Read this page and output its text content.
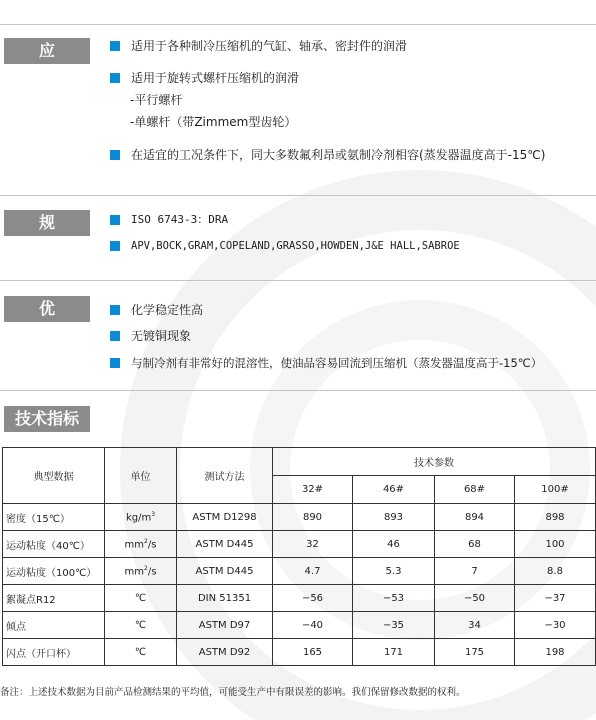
应 用
适用于各种制冷压缩机的气缸、轴承、密封件的润滑
适用于旋转式螺杆压缩机的润滑
-平行螺杆
-单螺杆（带Zimmem型齿轮）
在适宜的工况条件下，同大多数氟利昂或氨制冷剂相容(蒸发器温度高于-15℃)
规 格
ISO 6743-3：DRA
APV,BOCK,GRAM,COPELAND,GRASSO,HOWDEN,J&E HALL,SABROE
优 势
化学稳定性高
无镀铜现象
与制冷剂有非常好的混溶性，使油品容易回流到压缩机（蒸发器温度高于-15℃）
技术指标
典型数据	单位	测试方法	技术参数			
			32#	46#	68#	100#
密度（15℃）	$kg/m^3$	ASTM D1298	890	893	894	898
运动粘度（40℃）	$mm^2/s$	ASTM D445	32	46	68	100
运动粘度（100℃）	$mm^2/s$	ASTM D445	4.7	5.3	7	8.8
絮凝点R12	℃	DIN 51351	−56	−53	−50	−37
倾点	℃	ASTM D97	−40	−35	34	−30
闪点（开口杯）	℃	ASTM D92	165	171	175	198
备注：上述技术数据为目前产品检测结果的平均值，可能受生产中有限误差的影响。我们保留修改数据的权利。
